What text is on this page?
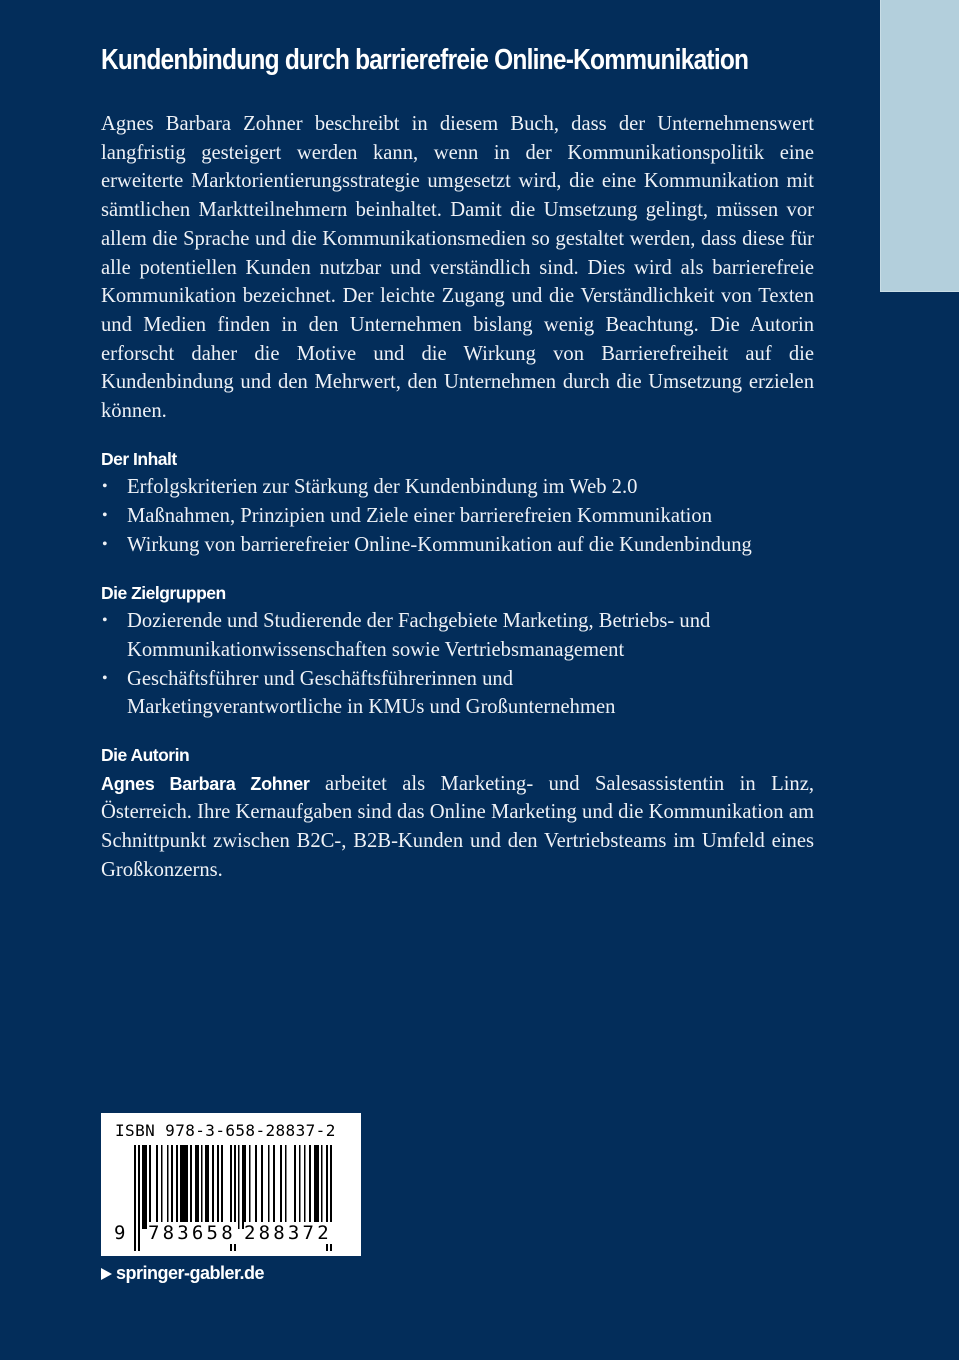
Kundenbindung durch barrierefreie Online-Kommunikation

Agnes Barbara Zohner beschreibt in diesem Buch, dass der Unternehmenswert langfristig gesteigert werden kann, wenn in der Kommunikationspolitik eine erweiterte Marktorientierungsstrategie umgesetzt wird, die eine Kommunikation mit sämtlichen Marktteilnehmern beinhaltet. Damit die Umsetzung gelingt, müssen vor allem die Sprache und die Kommunikationsmedien so gestaltet werden, dass diese für alle potentiellen Kunden nutzbar und verständlich sind. Dies wird als barrierefreie Kommunikation bezeichnet. Der leichte Zugang und die Verständlichkeit von Texten und Medien finden in den Unternehmen bislang wenig Beachtung. Die Autorin erforscht daher die Motive und die Wirkung von Barrierefreiheit auf die Kundenbindung und den Mehrwert, den Unternehmen durch die Umsetzung erzielen können.

Der Inhalt
• Erfolgskriterien zur Stärkung der Kundenbindung im Web 2.0
• Maßnahmen, Prinzipien und Ziele einer barrierefreien Kommunikation
• Wirkung von barrierefreier Online-Kommunikation auf die Kundenbindung
Die Zielgruppen
• Dozierende und Studierende der Fachgebiete Marketing, Betriebs- und Kommunikationwissenschaften sowie Vertriebsmanagement
• Geschäftsführer und Geschäftsführerinnen und Marketingverantwortliche in KMUs und Großunternehmen
Die Autorin

Agnes Barbara Zohner arbeitet als Marketing- und Salesassistentin in Linz, Österreich. Ihre Kernaufgaben sind das Online Marketing und die Kommunikation am Schnittpunkt zwischen B2C-, B2B-Kunden und den Vertriebsteams im Umfeld eines Großkonzerns.

ISBN 978-3-658-28837-2
9 783658 288372
springer-gabler.de
